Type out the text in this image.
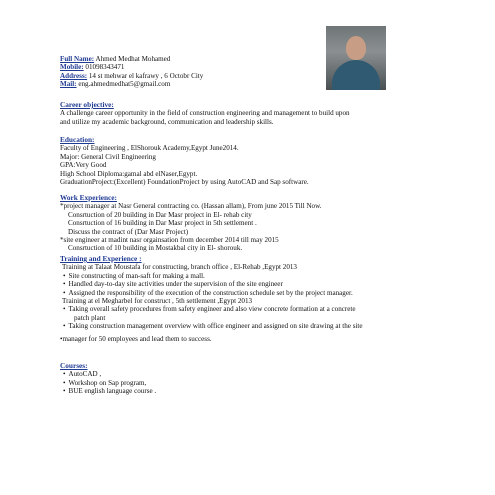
Full Name: Ahmed Medhat Mohamed
Mobile: 01098343471
Address: 14 st mehwar el kafrawy , 6 Octobr City
Mail: eng.ahmedmedhat5@gmail.com
Career objective:
A challenge career opportunity in the field of construction engineering and management to build upon
and utilize my academic background, communication and leadership skills.
Education:
Faculty of Engineering , ElShorouk Academy,Egypt June2014.
Major: General Civil Engineering
GPA:Very Good
High School Diploma:gamal abd elNaser,Egypt.
GraduationProject:(Excellent) FoundationProject by using AutoCAD and Sap software.
Work Experience:
*project manager at Nasr General contracting co. (Hassan allam), From june 2015 Till Now.
Consrtuction of 20 building in Dar Masr project in El- rehab city
Consrtuction of 16 building in Dar Masr project in 5th settlement .
Discuss the contract of (Dar Masr Project)
*site engineer at madint nasr orgainsation from december 2014 till may 2015
Consrtuction of 10 building in Mostakbal city in El- shorouk.
Training and Experience :
Training at Talaat Moustafa for constructing, branch office , El-Rehab ,Egypt 2013
• Site constructing of man-saft for making a mall.
• Handled day-to-day site activities under the supervision of the site engineer
• Assigned the responsibility of the execution of the construction schedule set by the project manager.
Training at el Megharbel for construct , 5th settlement ,Egypt 2013
• Taking overall safety procedures from safety engineer and also view concrete formation at a concrete
patch plant
• Taking construction management overview with office engineer and assigned on site drawing at the site
•manager for 50 employees and lead them to success.
Courses:
• AutoCAD ,
• Workshop on Sap program,
• BUE english language course .
